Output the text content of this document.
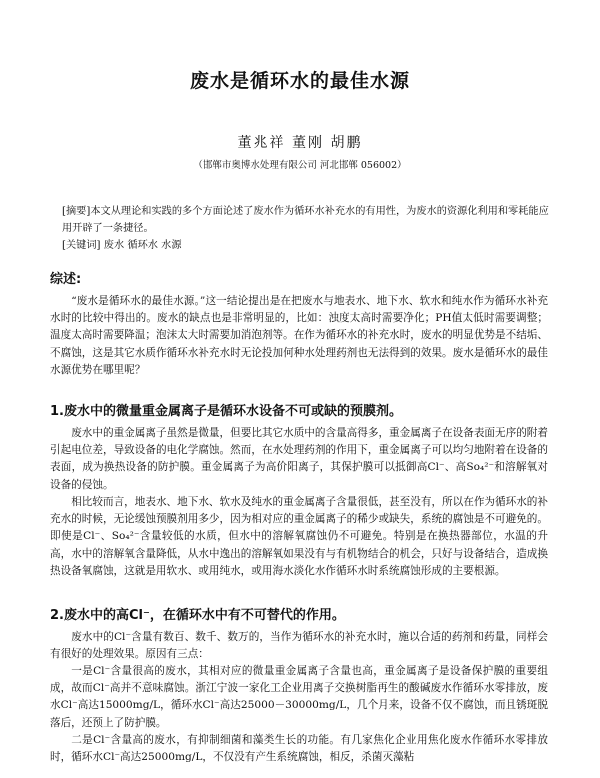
废水是循环水的最佳水源
董兆祥 董刚 胡鹏
（邯郸市奥博水处理有限公司 河北邯郸 056002）
[摘要]本文从理论和实践的多个方面论述了废水作为循环水补充水的有用性，为废水的资源化利用和零耗能应用开辟了一条捷径。
[关键词] 废水 循环水 水源
综述:
“废水是循环水的最佳水源。”这一结论提出是在把废水与地表水、地下水、软水和纯水作为循环水补充水时的比较中得出的。废水的缺点也是非常明显的，比如：浊度太高时需要净化；PH值太低时需要调整；温度太高时需要降温；泡沫太大时需要加消泡剂等。在作为循环水的补充水时，废水的明显优势是不结垢、不腐蚀，这是其它水质作循环水补充水时无论投加何种水处理药剂也无法得到的效果。废水是循环水的最佳水源优势在哪里呢？
1.废水中的微量重金属离子是循环水设备不可或缺的预膜剂。
废水中的重金属离子虽然是微量，但要比其它水质中的含量高得多，重金属离子在设备表面无序的附着引起电位差，导致设备的电化学腐蚀。然而，在水处理药剂的作用下，重金属离子可以均匀地附着在设备的表面，成为换热设备的防护膜。重金属离子为高价阳离子，其保护膜可以抵御高Cl⁻、高So₄²⁻和溶解氧对设备的侵蚀。
相比较而言，地表水、地下水、软水及纯水的重金属离子含量很低，甚至没有，所以在作为循环水的补充水的时候，无论缓蚀预膜剂用多少，因为相对应的重金属离子的稀少或缺失，系统的腐蚀是不可避免的。即使是Cl⁻、So₄²⁻含量较低的水质，但水中的溶解氧腐蚀仍不可避免。特别是在换热器部位，水温的升高，水中的溶解氧含量降低，从水中逸出的溶解氧如果没有与有机物结合的机会，只好与设备结合，造成换热设备氧腐蚀，这就是用软水、或用纯水，或用海水淡化水作循环水时系统腐蚀形成的主要根源。
2.废水中的高Cl⁻，在循环水中有不可替代的作用。
废水中的Cl⁻含量有数百、数千、数万的，当作为循环水的补充水时，施以合适的药剂和药量，同样会有很好的处理效果。原因有三点：
一是Cl⁻含量很高的废水，其相对应的微量重金属离子含量也高，重金属离子是设备保护膜的重要组成，故而Cl⁻高并不意味腐蚀。浙江宁波一家化工企业用离子交换树脂再生的酸碱废水作循环水零排放，废水Cl⁻高达15000mg/L，循环水Cl⁻高达25000－30000mg/L，几个月来，设备不仅不腐蚀，而且锈斑脱落后，还预上了防护膜。
二是Cl⁻含量高的废水，有抑制细菌和藻类生长的功能。有几家焦化企业用焦化废水作循环水零排放时，循环水Cl⁻高达25000mg/L，不仅没有产生系统腐蚀，相反，杀菌灭藻粘
